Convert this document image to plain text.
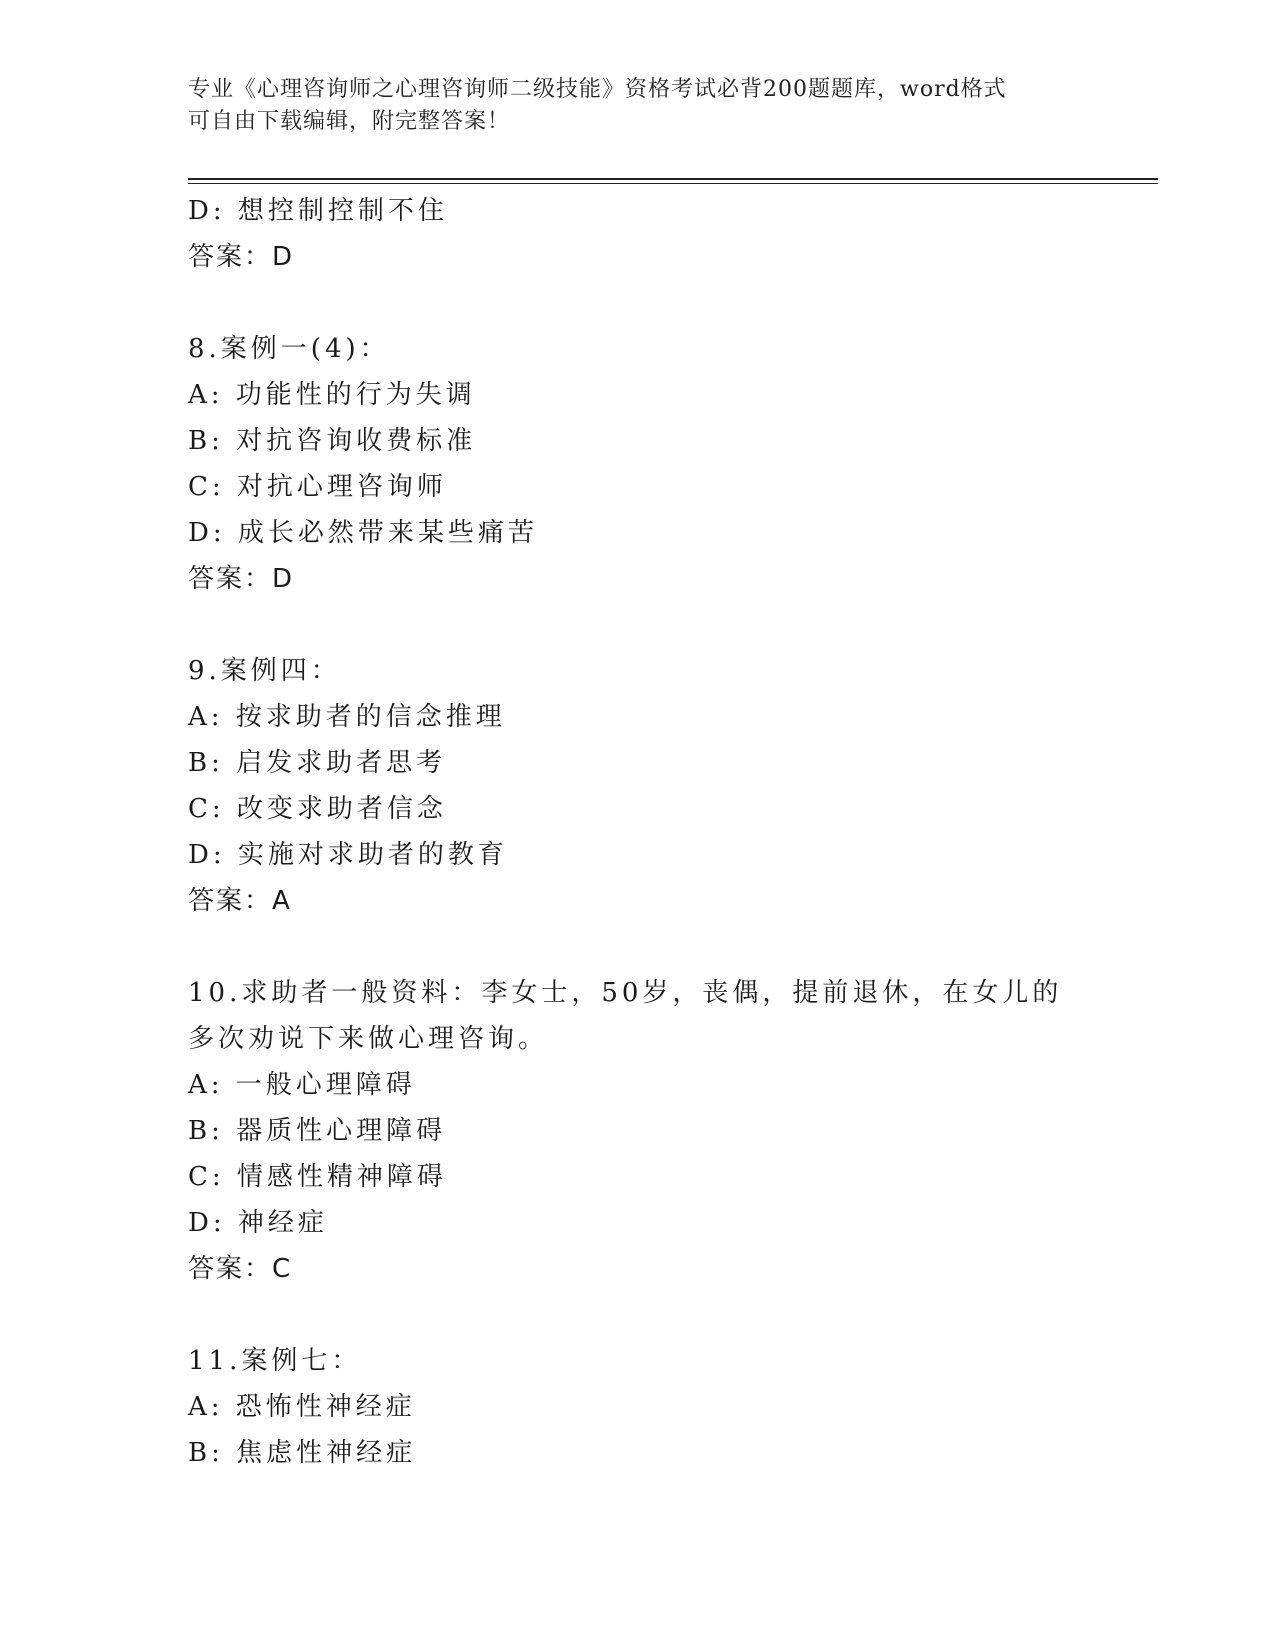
专业《心理咨询师之心理咨询师二级技能》资格考试必背200题题库，word格式
可自由下载编辑，附完整答案！
D: 想控制控制不住
答案：D
8.案例一(4)：
A: 功能性的行为失调
B: 对抗咨询收费标准
C: 对抗心理咨询师
D: 成长必然带来某些痛苦
答案：D
9.案例四：
A: 按求助者的信念推理
B: 启发求助者思考
C: 改变求助者信念
D: 实施对求助者的教育
答案：A
10.求助者一般资料：李女士，50岁，丧偶，提前退休，在女儿的多次劝说下来做心理咨询。
A: 一般心理障碍
B: 器质性心理障碍
C: 情感性精神障碍
D: 神经症
答案：C
11.案例七：
A: 恐怖性神经症
B: 焦虑性神经症
